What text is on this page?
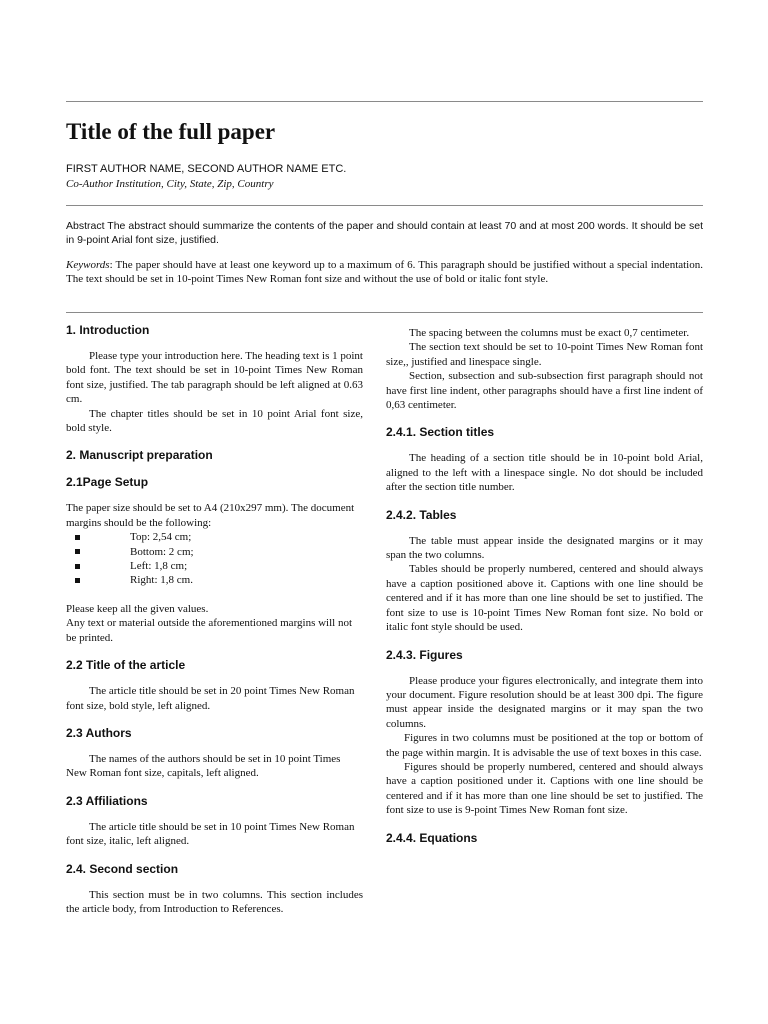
Title of the full paper
FIRST AUTHOR NAME, SECOND AUTHOR NAME ETC.
Co-Author Institution, City, State, Zip, Country

Abstract The abstract should summarize the contents of the paper and should contain at least 70 and at most 200 words. It should be set in 9-point Arial font size, justified.

Keywords: The paper should have at least one keyword up to a maximum of 6. This paragraph should be justified without a special indentation. The text should be set in 10-point Times New Roman font size and without the use of bold or italic font style.

1. Introduction

Please type your introduction here. The heading text is 1 point bold font. The text should be set in 10-point Times New Roman font size, justified. The tab paragraph should be left aligned at 0.63 cm.

The chapter titles should be set in 10 point Arial font size, bold style.

2. Manuscript preparation
2.1Page Setup

The paper size should be set to A4 (210x297 mm). The document margins should be the following:

Top: 2,54 cm;
Bottom: 2 cm;
Left: 1,8 cm;
Right: 1,8 cm.

Please keep all the given values.

Any text or material outside the aforementioned margins will not be printed.

2.2 Title of the article

The article title should be set in 20 point Times New Roman font size, bold style, left aligned.

2.3 Authors

The names of the authors should be set in 10 point Times New Roman font size, capitals, left aligned.

2.3 Affiliations

The article title should be set in 10 point Times New Roman font size, italic, left aligned.

2.4. Second section

This section must be in two columns. This section includes the article body, from Introduction to References.

The spacing between the columns must be exact 0,7 centimeter.

The section text should be set to 10-point Times New Roman font size,, justified and linespace single.

Section, subsection and sub-subsection first paragraph should not have first line indent, other paragraphs should have a first line indent of 0,63 centimeter.

2.4.1. Section titles

The heading of a section title should be in 10-point bold Arial, aligned to the left with a linespace single. No dot should be included after the section title number.

2.4.2. Tables

The table must appear inside the designated margins or it may span the two columns.

Tables should be properly numbered, centered and should always have a caption positioned above it. Captions with one line should be centered and if it has more than one line should be set to justified. The font size to use is 10-point Times New Roman font size. No bold or italic font style should be used.

2.4.3. Figures

Please produce your figures electronically, and integrate them into your document. Figure resolution should be at least 300 dpi. The figure must appear inside the designated margins or it may span the two columns.

Figures in two columns must be positioned at the top or bottom of the page within margin. It is advisable the use of text boxes in this case.

Figures should be properly numbered, centered and should always have a caption positioned under it. Captions with one line should be centered and if it has more than one line should be set to justified. The font size to use is 9-point Times New Roman font size.

2.4.4. Equations
